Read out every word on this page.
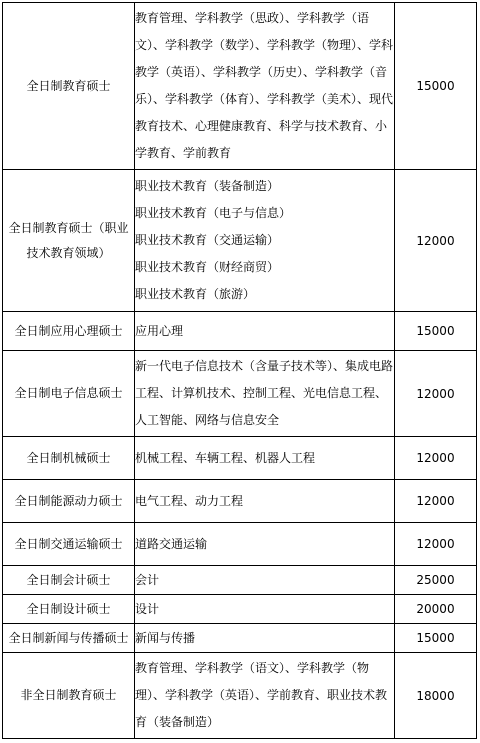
全日制教育硕士	教育管理、学科教学（思政）、学科教学（语文）、学科教学（数学）、学科教学（物理）、学科教学（英语）、学科教学（历史）、学科教学（音乐）、学科教学（体育）、学科教学（美术）、现代教育技术、心理健康教育、科学与技术教育、小学教育、学前教育	15000
全日制教育硕士（职业技术教育领域）	职业技术教育（装备制造）
职业技术教育（电子与信息）
职业技术教育（交通运输）
职业技术教育（财经商贸）
职业技术教育（旅游）	12000
全日制应用心理硕士	应用心理	15000
全日制电子信息硕士	新一代电子信息技术（含量子技术等）、集成电路工程、计算机技术、控制工程、光电信息工程、人工智能、网络与信息安全	12000
全日制机械硕士	机械工程、车辆工程、机器人工程	12000
全日制能源动力硕士	电气工程、动力工程	12000
全日制交通运输硕士	道路交通运输	12000
全日制会计硕士	会计	25000
全日制设计硕士	设计	20000
全日制新闻与传播硕士	新闻与传播	15000
非全日制教育硕士	教育管理、学科教学（语文）、学科教学（物理）、学科教学（英语）、学前教育、职业技术教育（装备制造）	18000
